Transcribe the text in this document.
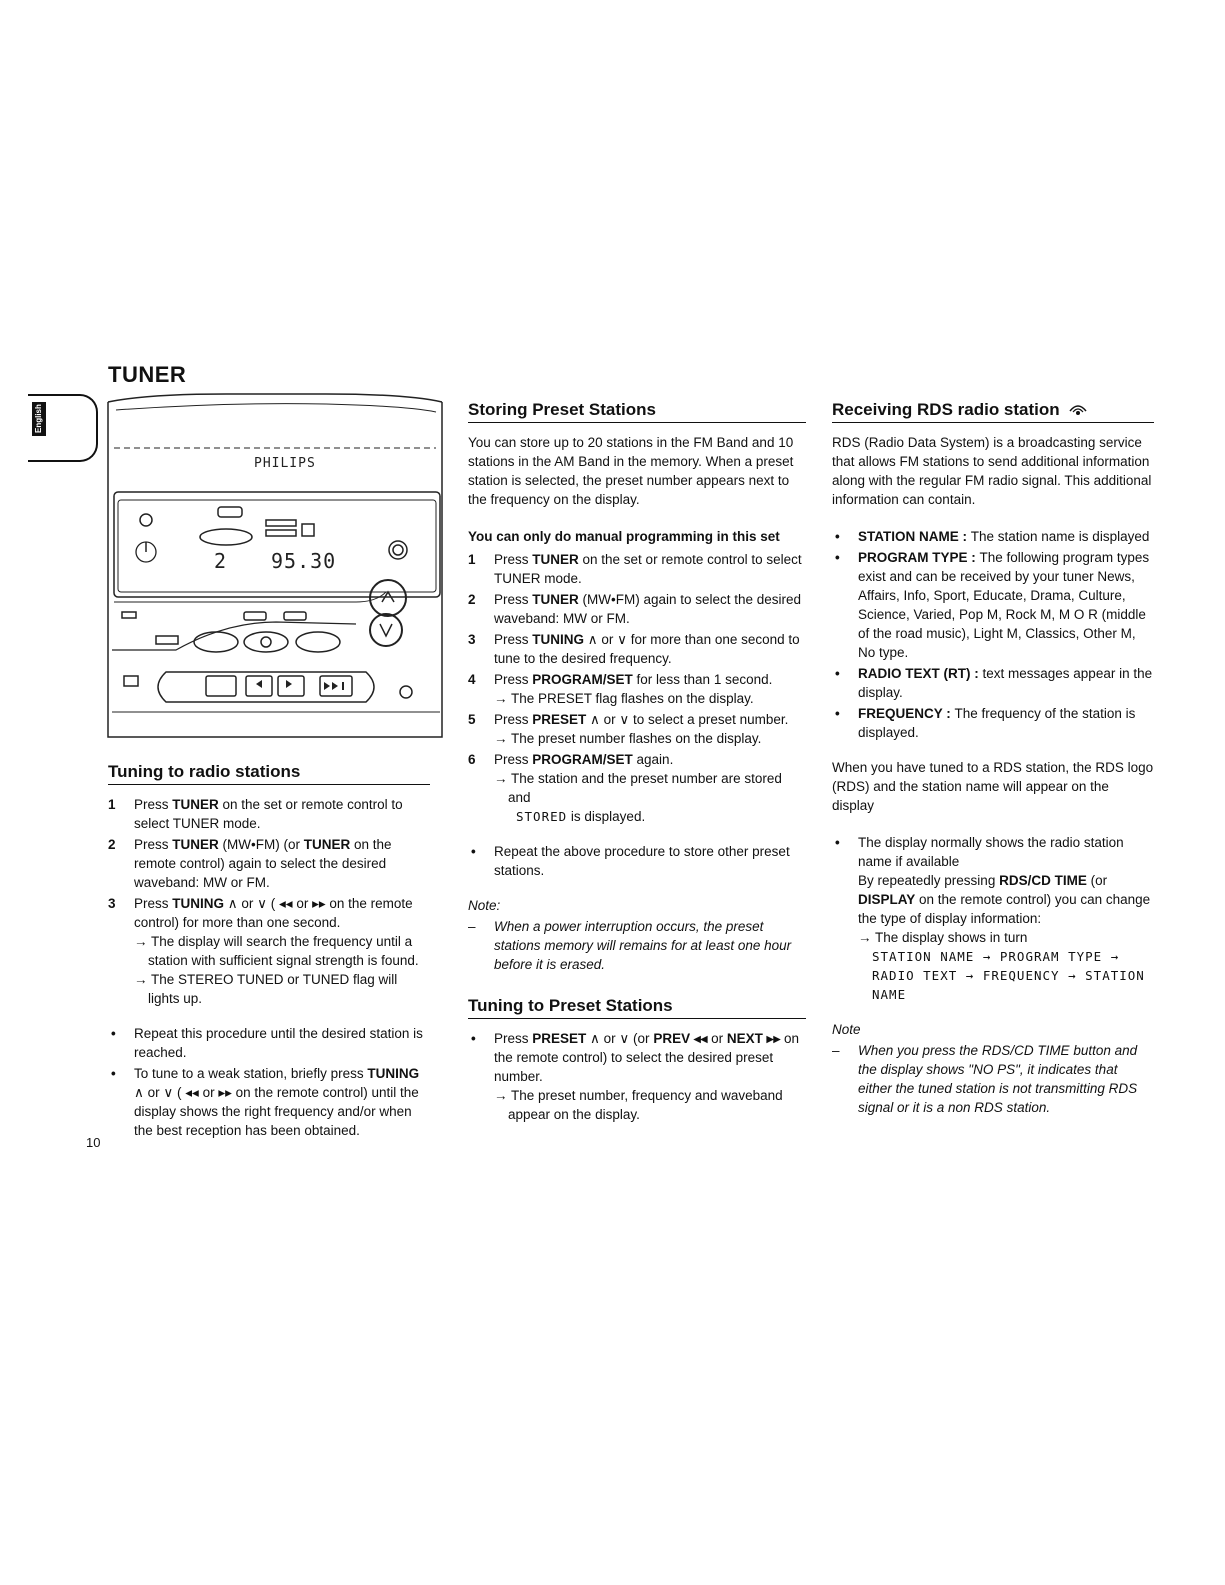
TUNER
English
PHILIPS
2 95.30
Tuning to radio stations
1	Press TUNER on the set or remote control to select TUNER mode.
2	Press TUNER (MW•FM) (or TUNER on the remote control) again to select the desired waveband: MW or FM.
3	Press TUNING ∧ or ∨ ( ◂◂ or ▸▸ on the remote control) for more than one second.
→ The display will search the frequency until a station with sufficient signal strength is found.
→ The STEREO TUNED or TUNED flag will lights up.
• Repeat this procedure until the desired station is reached.
• To tune to a weak station, briefly press TUNING ∧ or ∨ ( ◂◂ or ▸▸ on the remote control) until the display shows the right frequency and/or when the best reception has been obtained.
Storing Preset Stations

You can store up to 20 stations in the FM Band and 10 stations in the AM Band in the memory. When a preset station is selected, the preset number appears next to the frequency on the display.

You can only do manual programming in this set

1	Press TUNER on the set or remote control to select TUNER mode.
2	Press TUNER (MW•FM) again to select the desired waveband: MW or FM.
3	Press TUNING ∧ or ∨ for more than one second to tune to the desired frequency.
4	Press PROGRAM/SET for less than 1 second.
→ The PRESET flag flashes on the display.
5	Press PRESET ∧ or ∨ to select a preset number.
→ The preset number flashes on the display.
6	Press PROGRAM/SET again.
→ The station and the preset number are stored and
STORED is displayed.
• Repeat the above procedure to store other preset stations.
Note:
– When a power interruption occurs, the preset stations memory will remains for at least one hour before it is erased.
Tuning to Preset Stations
• Press PRESET ∧ or ∨ (or PREV ◂◂ or NEXT ▸▸ on the remote control) to select the desired preset number.
→ The preset number, frequency and waveband appear on the display.
Receiving RDS radio station

RDS (Radio Data System) is a broadcasting service that allows FM stations to send additional information along with the regular FM radio signal. This additional information can contain.

• STATION NAME : The station name is displayed
• PROGRAM TYPE : The following program types exist and can be received by your tuner News, Affairs, Info, Sport, Educate, Drama, Culture, Science, Varied, Pop M, Rock M, M O R (middle of the road music), Light M, Classics, Other M, No type.
• RADIO TEXT (RT) : text messages appear in the display.
• FREQUENCY : The frequency of the station is displayed.

When you have tuned to a RDS station, the RDS logo (RDS) and the station name will appear on the display

• The display normally shows the radio station name if available
By repeatedly pressing RDS/CD TIME (or DISPLAY on the remote control) you can change the type of display information:
→ The display shows in turn
STATION NAME → PROGRAM TYPE → RADIO TEXT → FREQUENCY → STATION NAME
Note
– When you press the RDS/CD TIME button and the display shows "NO PS", it indicates that either the tuned station is not transmitting RDS signal or it is a non RDS station.
10
